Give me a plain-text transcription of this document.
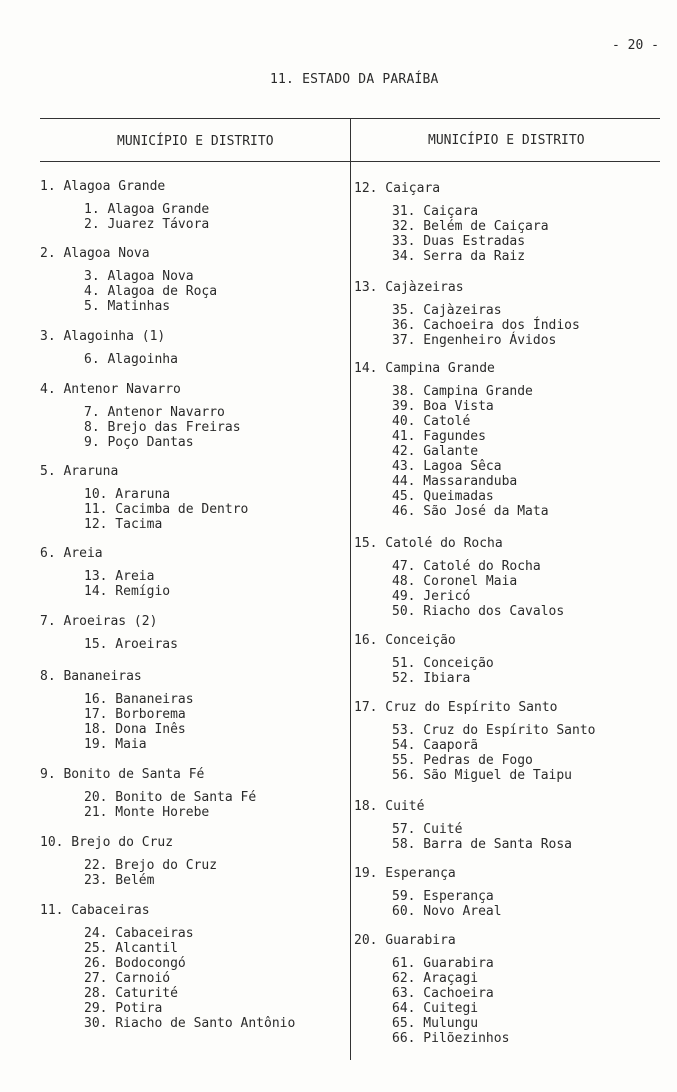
- 20 -
11. ESTADO DA PARAÍBA
MUNICÍPIO E DISTRITO	MUNICÍPIO E DISTRITO
1. Alagoa Grande
1. Alagoa Grande
2. Juarez Távora
2. Alagoa Nova
3. Alagoa Nova
4. Alagoa de Roça
5. Matinhas
3. Alagoinha (1)
6. Alagoinha
4. Antenor Navarro
7. Antenor Navarro
8. Brejo das Freiras
9. Poço Dantas
5. Araruna
10. Araruna
11. Cacimba de Dentro
12. Tacima
6. Areia
13. Areia
14. Remígio
7. Aroeiras (2)
15. Aroeiras
8. Bananeiras
16. Bananeiras
17. Borborema
18. Dona Inês
19. Maia
9. Bonito de Santa Fé
20. Bonito de Santa Fé
21. Monte Horebe
10. Brejo do Cruz
22. Brejo do Cruz
23. Belém
11. Cabaceiras
24. Cabaceiras
25. Alcantil
26. Bodocongó
27. Carnoió
28. Caturité
29. Potira
30. Riacho de Santo Antônio
12. Caiçara
31. Caiçara
32. Belém de Caiçara
33. Duas Estradas
34. Serra da Raiz
13. Cajàzeiras
35. Cajàzeiras
36. Cachoeira dos Índios
37. Engenheiro Ávidos
14. Campina Grande
38. Campina Grande
39. Boa Vista
40. Catolé
41. Fagundes
42. Galante
43. Lagoa Sêca
44. Massaranduba
45. Queimadas
46. São José da Mata
15. Catolé do Rocha
47. Catolé do Rocha
48. Coronel Maia
49. Jericó
50. Riacho dos Cavalos
16. Conceição
51. Conceição
52. Ibiara
17. Cruz do Espírito Santo
53. Cruz do Espírito Santo
54. Caaporã
55. Pedras de Fogo
56. São Miguel de Taipu
18. Cuité
57. Cuité
58. Barra de Santa Rosa
19. Esperança
59. Esperança
60. Novo Areal
20. Guarabira
61. Guarabira
62. Araçagi
63. Cachoeira
64. Cuitegi
65. Mulungu
66. Pilõezinhos
